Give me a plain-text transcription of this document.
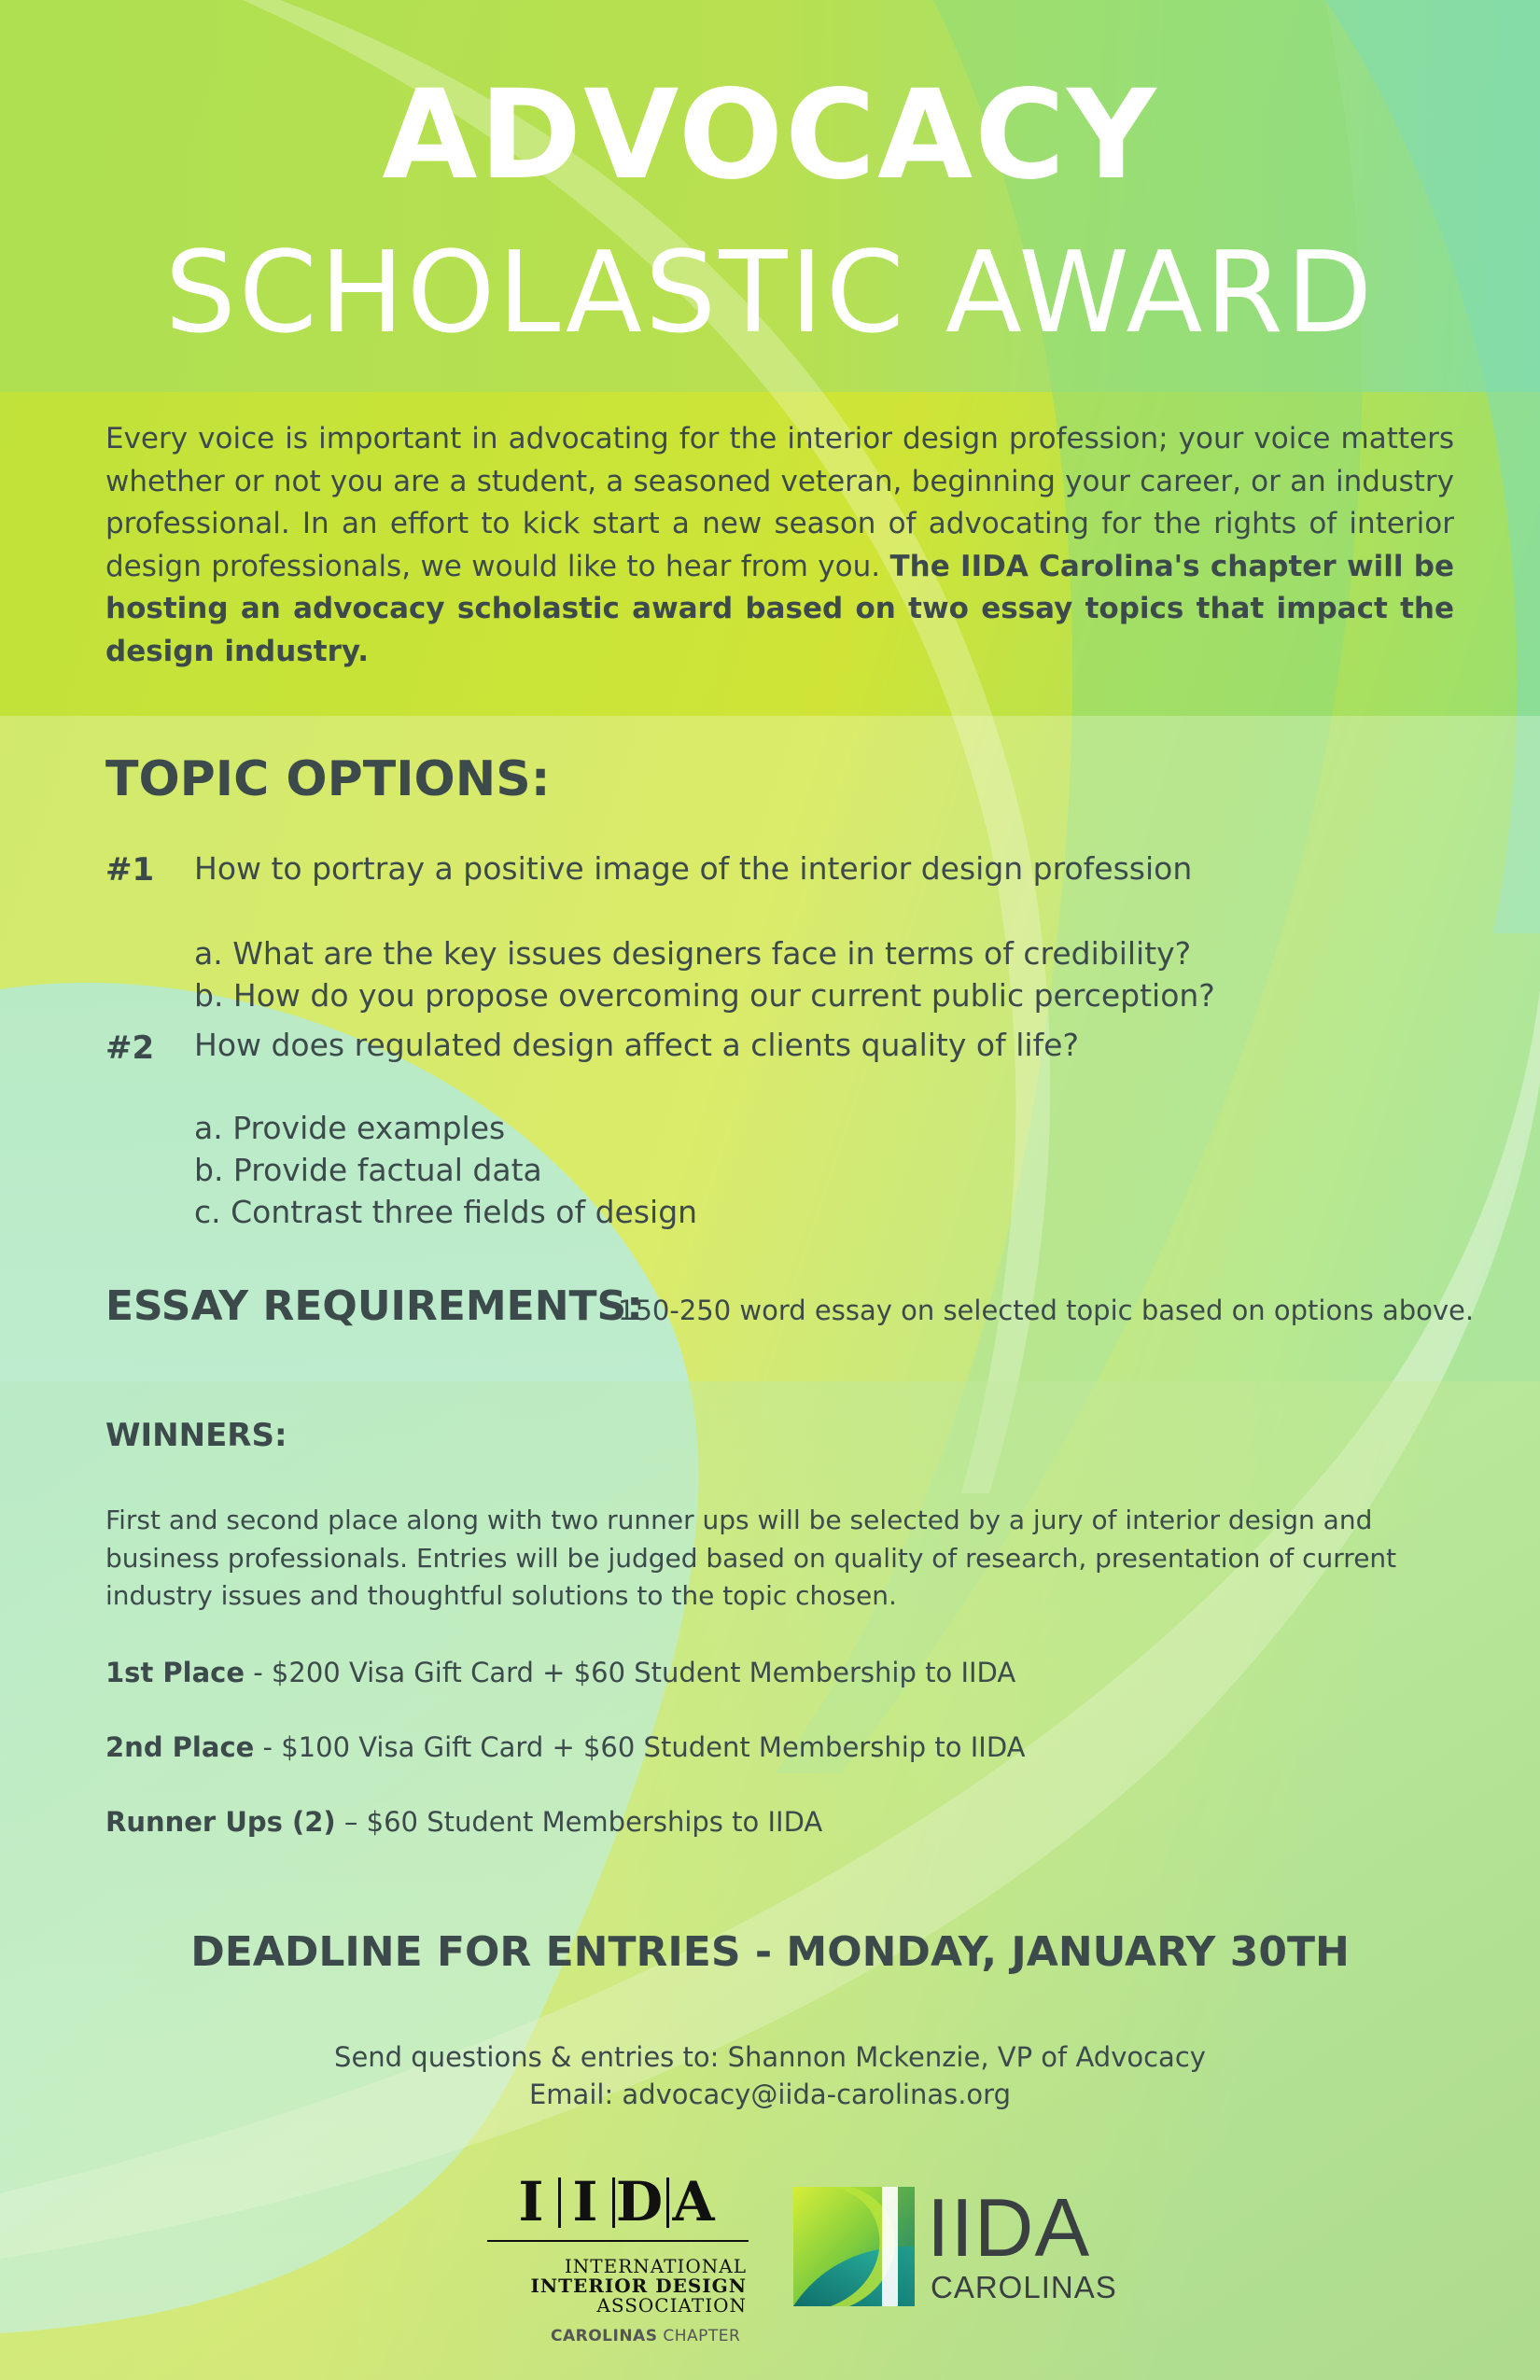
ADVOCACY
SCHOLASTIC AWARD
Every voice is important in advocating for the interior design profession; your voice matters whether or not you are a student, a seasoned veteran, beginning your career, or an industry professional. In an effort to kick start a new season of advocating for the rights of interior design professionals, we would like to hear from you. The IIDA Carolina's chapter will be hosting an advocacy scholastic award based on two essay topics that impact the design industry.
TOPIC OPTIONS:
#1 How to portray a positive image of the interior design profession
a. What are the key issues designers face in terms of credibility?
b. How do you propose overcoming our current public perception?
#2 How does regulated design affect a clients quality of life?
a. Provide examples
b. Provide factual data
c. Contrast three fields of design
ESSAY REQUIREMENTS:
150-250 word essay on selected topic based on options above.
WINNERS:
First and second place along with two runner ups will be selected by a jury of interior design and business professionals. Entries will be judged based on quality of research, presentation of current industry issues and thoughtful solutions to the topic chosen.
1st Place - $200 Visa Gift Card + $60 Student Membership to IIDA
2nd Place - $100 Visa Gift Card + $60 Student Membership to IIDA
Runner Ups (2) – $60 Student Memberships to IIDA
DEADLINE FOR ENTRIES - MONDAY, JANUARY 30TH
Send questions & entries to: Shannon Mckenzie, VP of Advocacy
Email: advocacy@iida-carolinas.org
I I D A
INTERNATIONAL
INTERIOR DESIGN
ASSOCIATION
CAROLINAS CHAPTER
IIDA
CAROLINAS
